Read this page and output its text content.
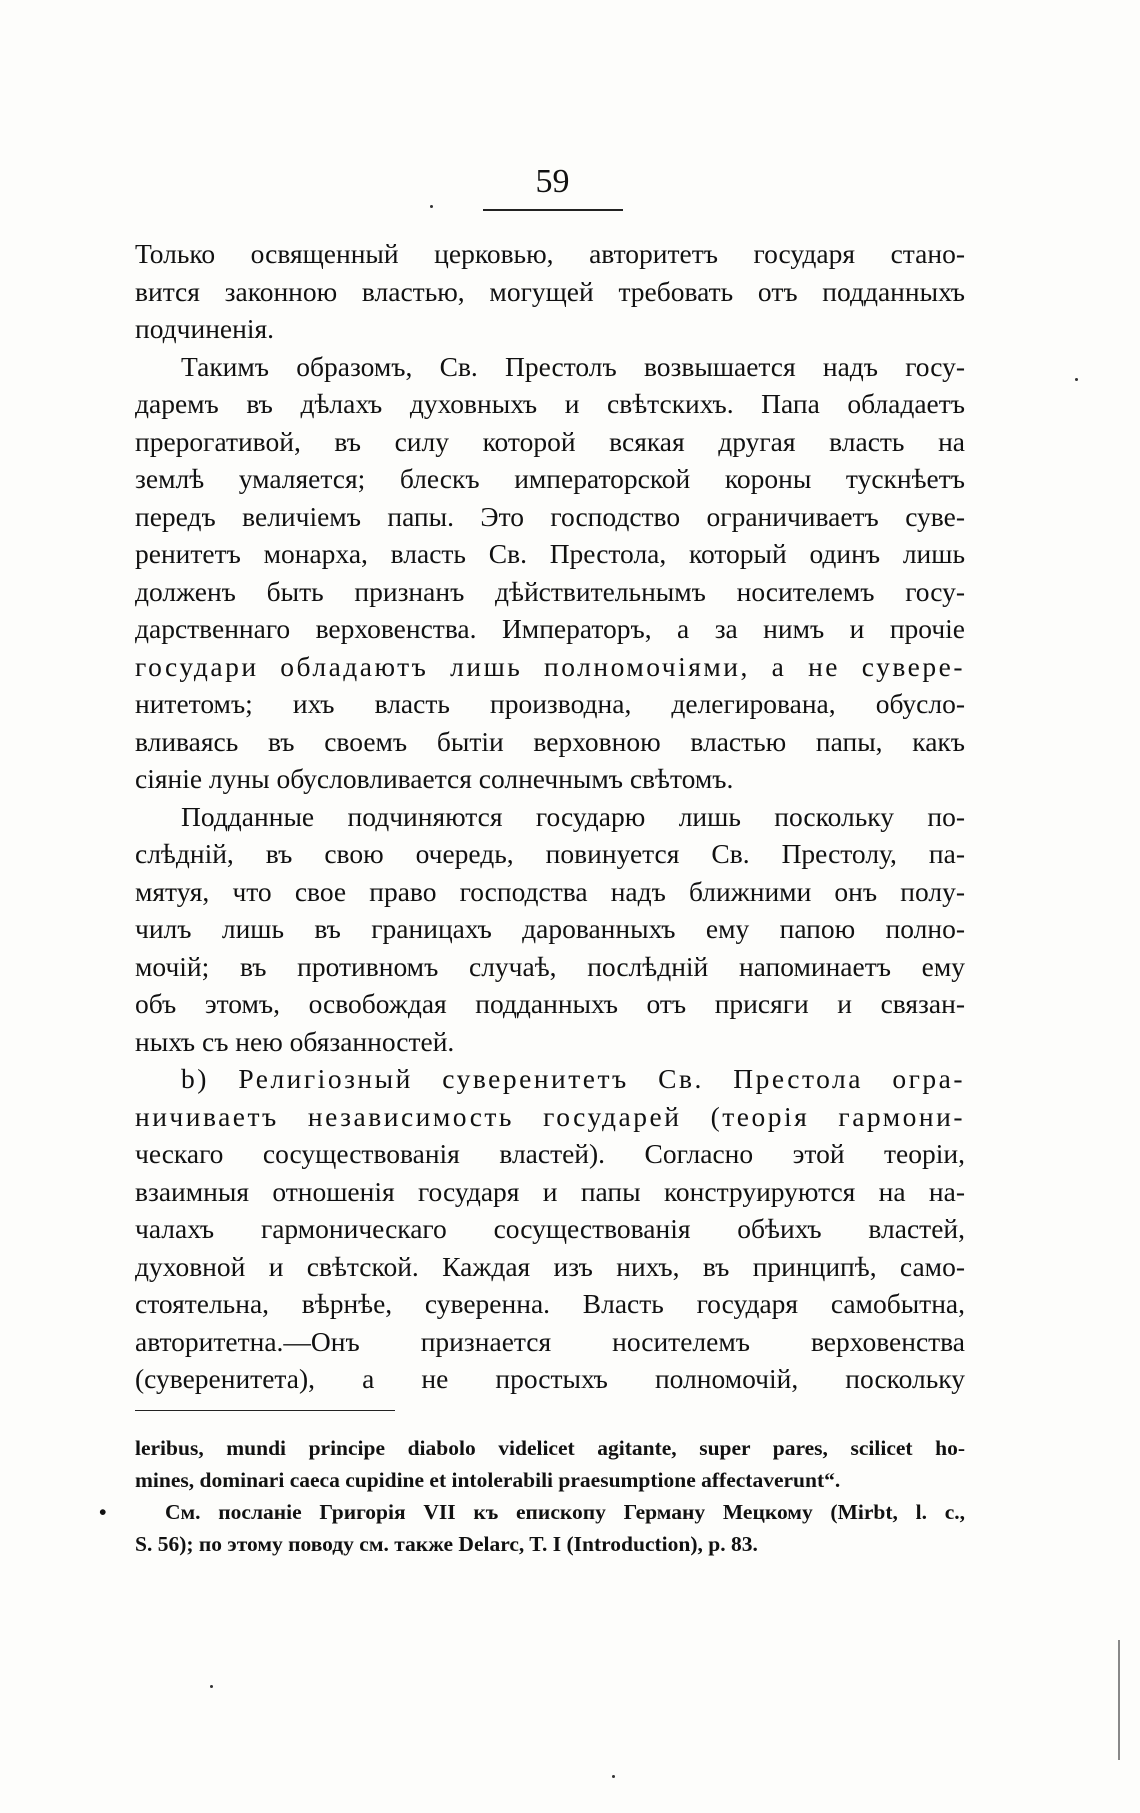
59
Только освященный церковью, авторитетъ государя стано-
вится законною властью, могущей требовать отъ подданныхъ
подчиненія.
Такимъ образомъ, Св. Престолъ возвышается надъ госу-
даремъ въ дѣлахъ духовныхъ и свѣтскихъ. Папа обладаетъ
прерогативой, въ силу которой всякая другая власть на
землѣ умаляется; блескъ императорской короны тускнѣетъ
передъ величіемъ папы. Это господство ограничиваетъ суве-
ренитетъ монарха, власть Св. Престола, который одинъ лишь
долженъ быть признанъ дѣйствительнымъ носителемъ госу-
дарственнаго верховенства. Императоръ, а за нимъ и прочіе
государи обладаютъ лишь полномочіями, а не сувере-
нитетомъ; ихъ власть производна, делегирована, обусло-
вливаясь въ своемъ бытіи верховною властью папы, какъ
сіяніе луны обусловливается солнечнымъ свѣтомъ.
Подданные подчиняются государю лишь поскольку по-
слѣдній, въ свою очередь, повинуется Св. Престолу, па-
мятуя, что свое право господства надъ ближними онъ полу-
чилъ лишь въ границахъ дарованныхъ ему папою полно-
мочій; въ противномъ случаѣ, послѣдній напоминаетъ ему
объ этомъ, освобождая подданныхъ отъ присяги и связан-
ныхъ съ нею обязанностей.
b) Религіозный суверенитетъ Св. Престола огра-
ничиваетъ независимость государей (теорія гармони-
ческаго сосуществованія властей). Согласно этой теоріи,
взаимныя отношенія государя и папы конструируются на на-
чалахъ гармоническаго сосуществованія обѣихъ властей,
духовной и свѣтской. Каждая изъ нихъ, въ принципѣ, само-
стоятельна, вѣрнѣе, суверенна. Власть государя самобытна,
авторитетна.—Онъ признается носителемъ верховенства
(суверенитета), а не простыхъ полномочій, поскольку
leribus, mundi principe diabolo videlicet agitante, super pares, scilicet ho-
mines, dominari caeca cupidine et intolerabili praesumptione affectaverunt“.
•	См. посланіе Григорія VII къ епископу Герману Мецкому (Mirbt, l. c.,
S. 56); по этому поводу см. также Delarc, T. I (Introduction), p. 83.
